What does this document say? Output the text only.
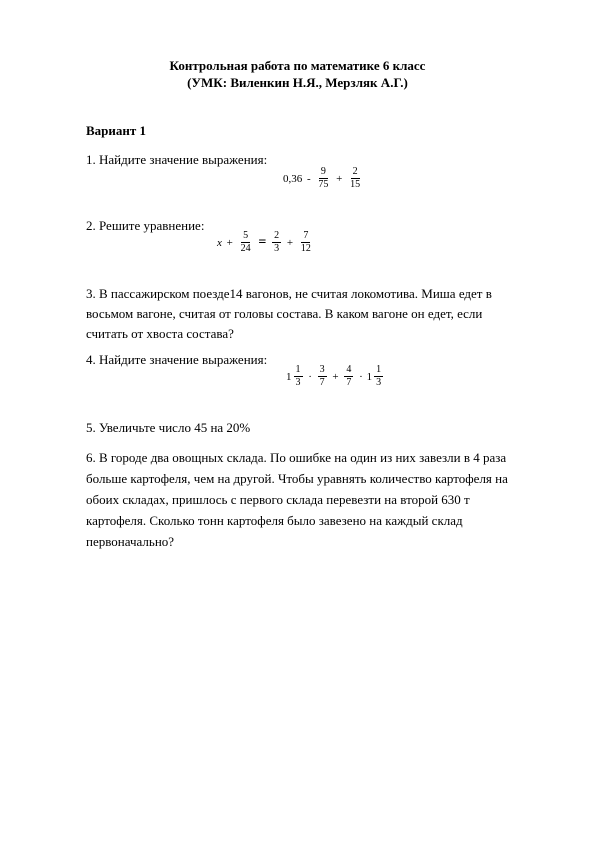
Контрольная работа по математике 6 класс
(УМК: Виленкин Н.Я., Мерзляк А.Г.)
Вариант 1
1. Найдите значение выражения:
$0,36 - \frac{9}{75} + \frac{2}{15}$
2. Решите уравнение:
$x + \frac{5}{24} = \frac{2}{3} + \frac{7}{12}$
3. В пассажирском поезде14 вагонов, не считая локомотива. Миша едет в
восьмом вагоне, считая от головы состава. В каком вагоне он едет, если
считать от хвоста состава?
4. Найдите значение выражения:
$1 \frac{1}{3} \cdot \frac{3}{7} + \frac{4}{7} \cdot 1 \frac{1}{3}$
5. Увеличьте число 45 на 20%
6. В городе два овощных склада. По ошибке на один из них завезли в 4 раза
больше картофеля, чем на другой. Чтобы уравнять количество картофеля на
обоих складах, пришлось с первого склада перевезти на второй 630 т
картофеля. Сколько тонн картофеля было завезено на каждый склад
первоначально?
